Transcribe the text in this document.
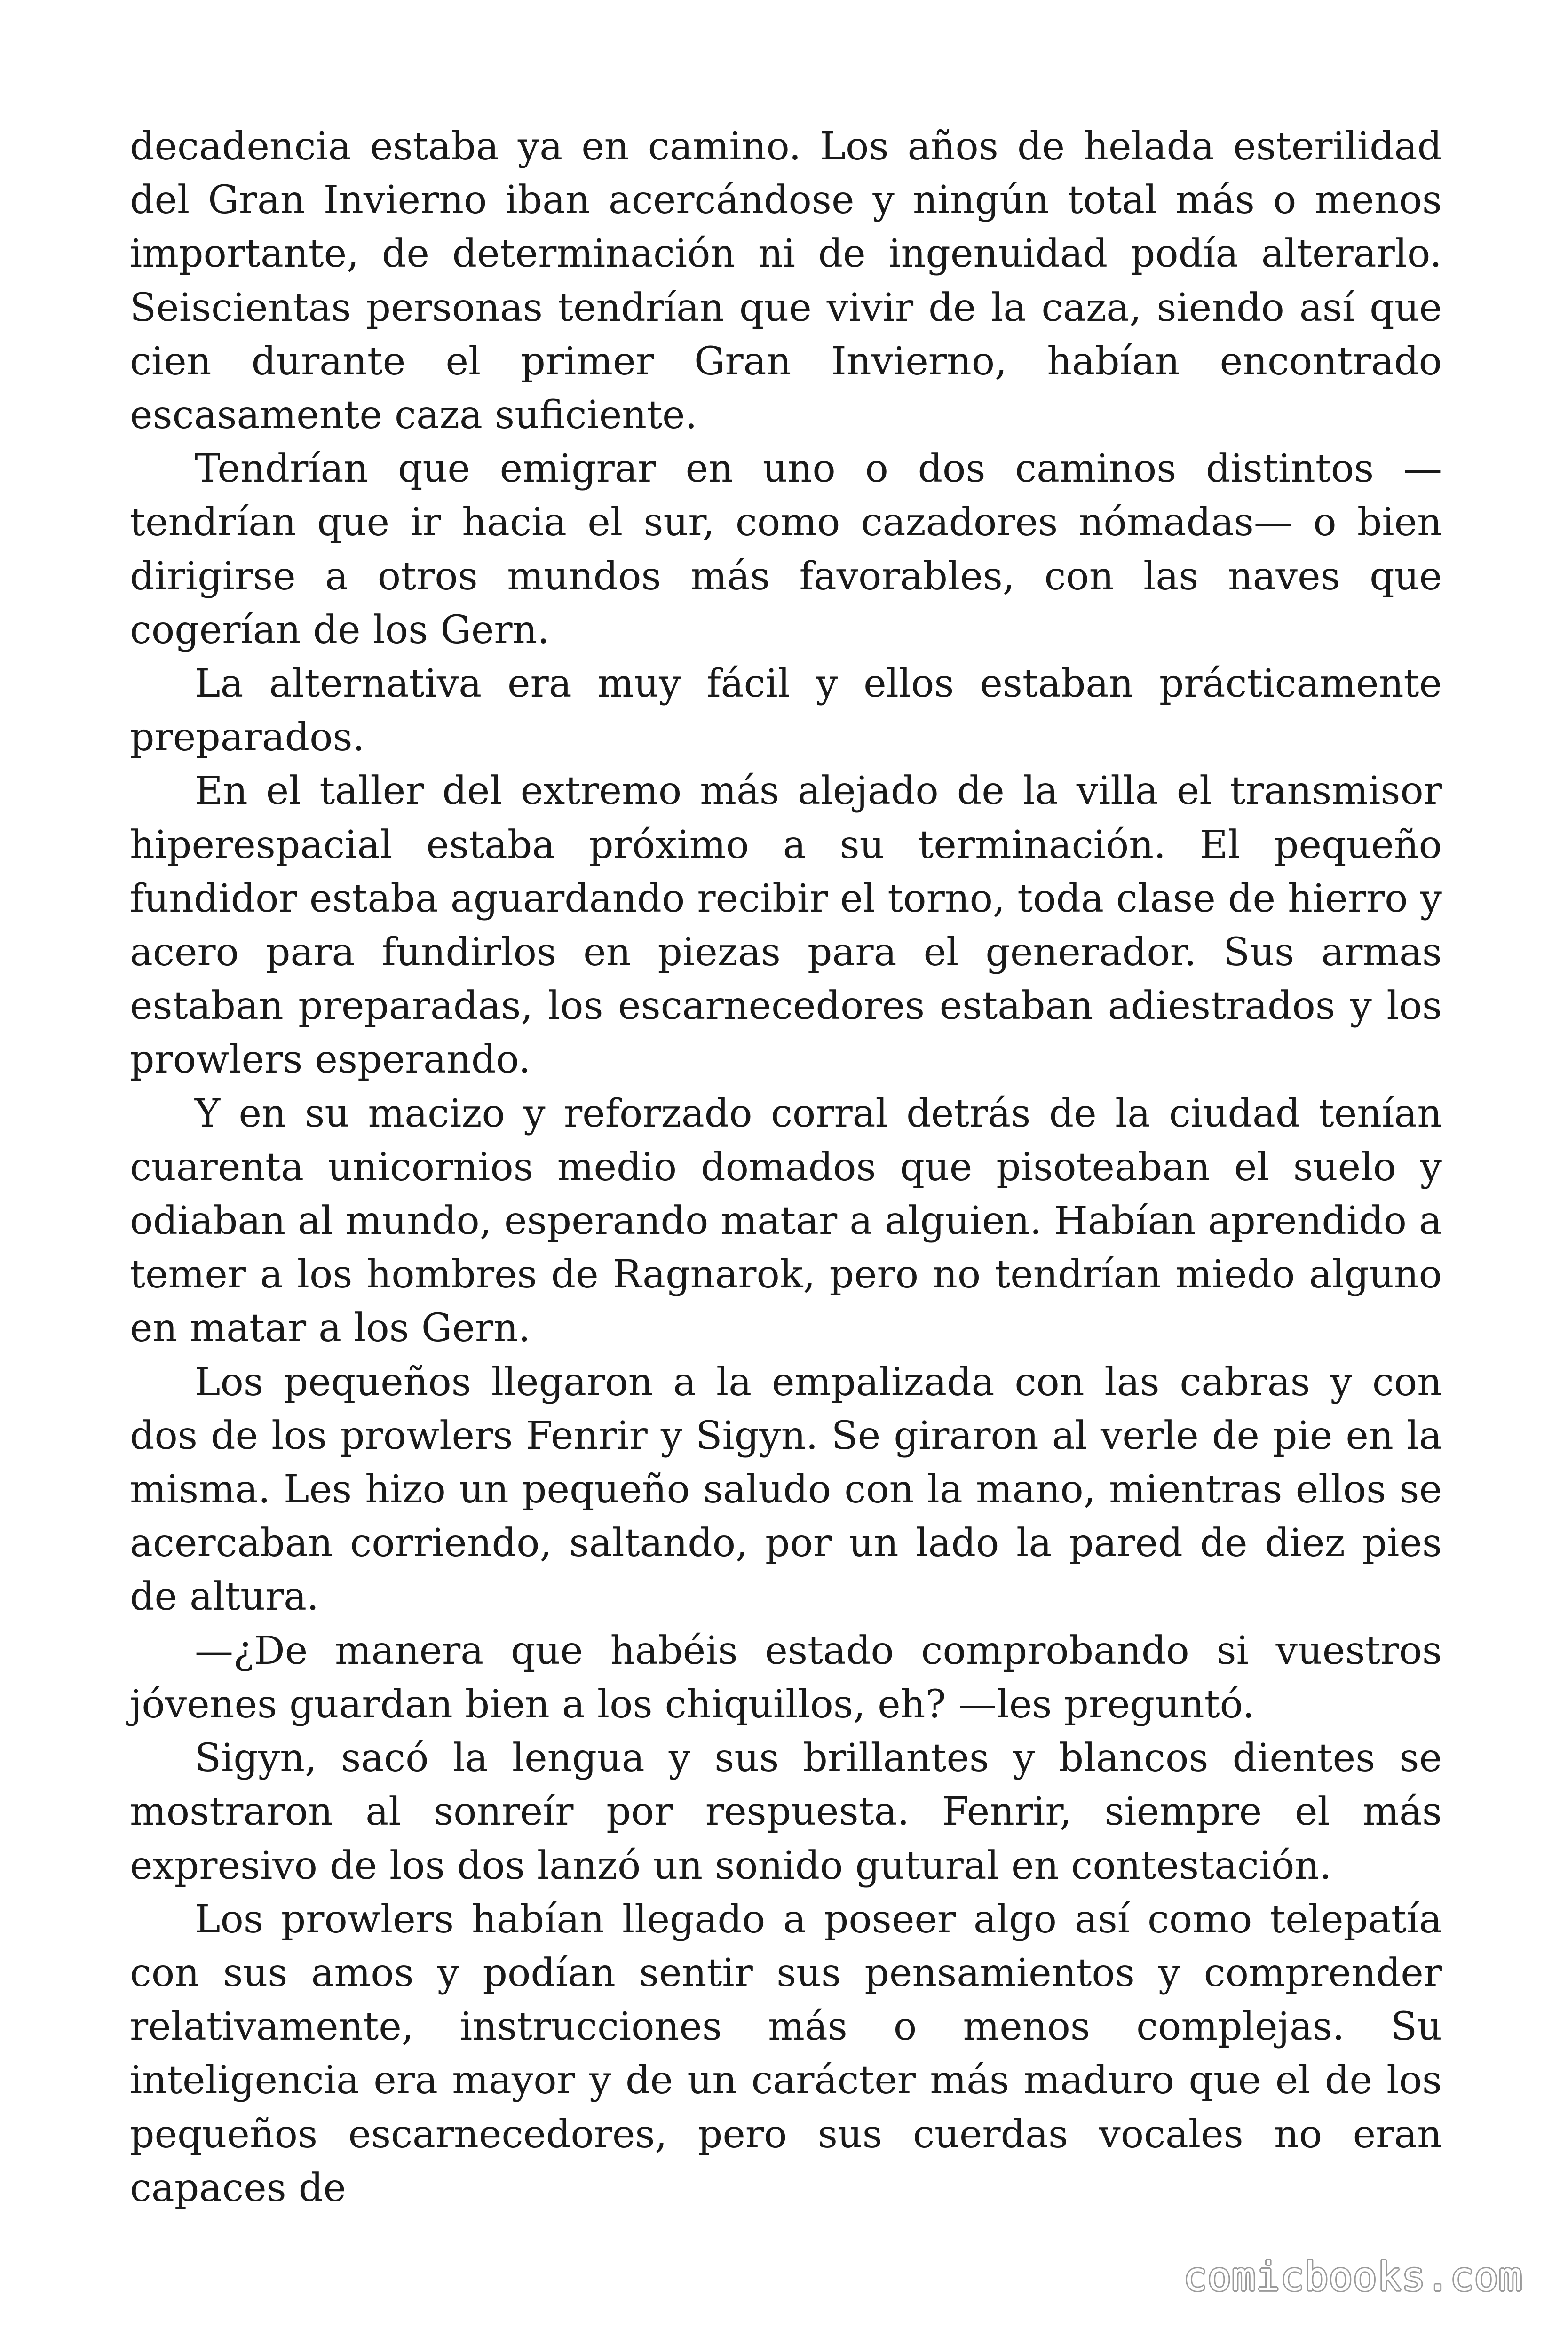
decadencia estaba ya en camino. Los años de helada esterilidad del Gran Invierno iban acercándose y ningún total más o menos importante, de determinación ni de ingenuidad podía alterarlo. Seiscientas personas tendrían que vivir de la caza, siendo así que cien durante el primer Gran Invierno, habían encontrado escasamente caza suficiente.

Tendrían que emigrar en uno o dos caminos distintos —tendrían que ir hacia el sur, como cazadores nómadas— o bien dirigirse a otros mundos más favorables, con las naves que cogerían de los Gern.

La alternativa era muy fácil y ellos estaban prácticamente preparados.

En el taller del extremo más alejado de la villa el transmisor hiperespacial estaba próximo a su terminación. El pequeño fundidor estaba aguardando recibir el torno, toda clase de hierro y acero para fundirlos en piezas para el generador. Sus armas estaban preparadas, los escarnecedores estaban adiestrados y los prowlers esperando.

Y en su macizo y reforzado corral detrás de la ciudad tenían cuarenta unicornios medio domados que pisoteaban el suelo y odiaban al mundo, esperando matar a alguien. Habían aprendido a temer a los hombres de Ragnarok, pero no tendrían miedo alguno en matar a los Gern.

Los pequeños llegaron a la empalizada con las cabras y con dos de los prowlers Fenrir y Sigyn. Se giraron al verle de pie en la misma. Les hizo un pequeño saludo con la mano, mientras ellos se acercaban corriendo, saltando, por un lado la pared de diez pies de altura.

—¿De manera que habéis estado comprobando si vuestros jóvenes guardan bien a los chiquillos, eh? —les preguntó.

Sigyn, sacó la lengua y sus brillantes y blancos dientes se mostraron al sonreír por respuesta. Fenrir, siempre el más expresivo de los dos lanzó un sonido gutural en contestación.

Los prowlers habían llegado a poseer algo así como telepatía con sus amos y podían sentir sus pensamientos y comprender relativamente, instrucciones más o menos complejas. Su inteligencia era mayor y de un carácter más maduro que el de los pequeños escarnecedores, pero sus cuerdas vocales no eran capaces de

comicbooks.com
